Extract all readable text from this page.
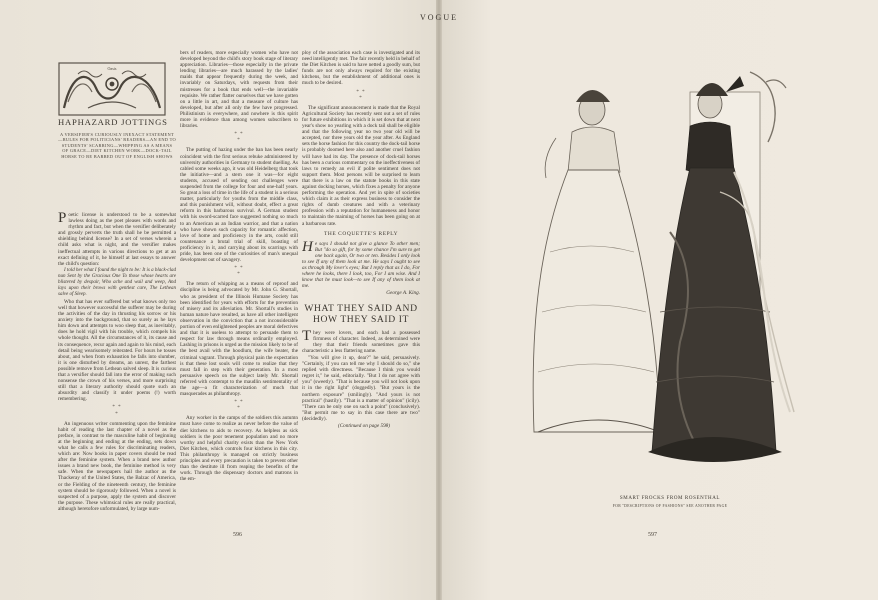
VOGUE
Oasis
HAPHAZARD JOTTINGS
A VERSIFIER'S CURIOUSLY INEXACT STATEMENT —RULES FOR POLITICIANS' READERS—AN END TO STUDENTS' SCARRING—WHIPPING AS A MEANS OF GRACE—DIET KITCHEN WORK—DOCK-TAIL HORSE TO BE BARRED OUT OF ENGLISH SHOWS

Poetic license is understood to be a somewhat lawless doing as the poet pleases with words and rhythm and fact, but when the versifier deliberately and grossly perverts the truth shall he be permitted a shielding behind license? In a set of verses wherein a child asks what is night, and the versifier makes ineffectual attempts in various directions to get at an exact defining of it, he himself at last essays to answer the child's question:

I told her what I found the night to be: It is a black-clad nun Sent by the Gracious One To those whose hearts are blistered by despair, Who ache and wail and weep, And lays upon their brows with gentlest care, The Lethean salve of Sleep.

Who that has ever suffered but what knows only too well that however successful the sufferer may be during the activities of the day in thrusting his sorrow or his anxiety into the background, that so surely as he lays him down and attempts to woo sleep that, as inevitably, does he hold vigil with his trouble, which compels his whole thought. All the circumstances of it, its cause and its consequence, recur again and again to his mind, each detail being wearisomely reiterated. For hours he tosses about, and when from exhaustion he falls into slumber, it is one disturbed by dreams, an unrest, the farthest possible remove from Lethean salved sleep. It is curious that a versifier should fall into the error of making such nonsense the crown of his verses, and more surprising still that a literary authority should quote such an absurdity and classify it under poems (!) worth remembering.

* *
*

An ingenuous writer commenting upon the feminine habit of reading the last chapter of a novel as the preface, in contrast to the masculine habit of beginning at the beginning and ending at the ending, sets down what he calls a few rules for discriminating readers, which are: Now books in paper covers should be read after the feminine system. When a brand new author issues a brand new book, the feminine method is very safe. When the newspapers hail the author as the Thackeray of the United States, the Balzac of America, or the Fielding of the nineteenth century, the feminine system should be rigorously followed. When a novel is suspected of a purpose, apply the system and discover the purpose. These whimsical rules are really practical, although heretofore unformulated, by large num-

bers of readers, more especially women who have not developed beyond the child's story book stage of literary appreciation. Libraries—those especially in the private lending libraries—are much harassed by the ladies' maids that appear frequently during the week, and invariably on Saturdays, with requests from their mistresses for a book that ends well—the invariable requisite. We rather flatter ourselves that we have gotten on a little in art, and that a measure of culture has developed, but after all only the few have progressed. Philistinism is everywhere, and nowhere is this spirit more in evidence than among women subscribers to libraries.

* *
*

The putting of hazing under the ban has been nearly coincident with the first serious rebuke administered by university authorities in Germany to student duelling. As cabled some weeks ago, it was old Heidelberg that took the initiative—and a stern one it was—for eight students, accused of sending out challenges were suspended from the college for four and one-half years. So great a loss of time in the life of a student is a serious matter, particularly for youths from the middle class, and this punishment will, without doubt, effect a great reform in this barbarous survival. A German student with his sword-scarred face suggested nothing so much to an American as an Indian warrior, and that a nation who have shown such capacity for romantic affection, love of home and proficiency in the arts, could still countenance a brutal trial of skill, boasting of proficiency in it, and carrying about its scarrings with pride, has been one of the curiosities of man's unequal development out of savagery.

* *
*

The return of whipping as a means of reproof and discipline is being advocated by Mr. John G. Shortall, who as president of the Illinois Humane Society has been identified for years with efforts for the prevention of misery and its alleviation. Mr. Shortall's studies in human nature have resulted, as have all other intelligent observation in the conviction that a not inconsiderable portion of even enlightened peoples are moral defectives and that it is useless to attempt to persuade them to respect for law through means ordinarily employed. Lashing in prisons is urged as the mission likely to be of the best avail with the hoodlum, the wife beater, the criminal vagrant. Through physical pain the expectation is that these lost souls will come to realize that they must fall in step with their generation. In a most persuasive speech on the subject lately Mr. Shortall referred with contempt to the maudlin sentimentality of the age—a fit characterization of much that masquerades as philanthropy.

* *
*

Any worker in the camps of the soldiers this autumn must have come to realize as never before the value of diet kitchens to aids to recovery. As helpless as sick soldiers is the poor tenement population and no more worthy and helpful charity exists than the New York Diet Kitchen, which controls four kitchens in this city. This philanthropy is managed on strictly business principles and every precaution is taken to prevent other than the destitute ill from reaping the benefits of the work. Through the dispensary doctors and matrons in the em-

ploy of the association each case is investigated and its need intelligently met. The fair recently held in behalf of the Diet Kitchen is said to have netted a goodly sum, but funds are not only always required for the existing kitchens, but the establishment of additional ones is much to be desired.

* *
*

The significant announcement is made that the Royal Agricultural Society has recently sent out a set of rules for future exhibitions in which it is set down that at next year's show no yearling with a dock tail shall be eligible and that the following year no two year old will be accepted, nor three years old the year after. As England sets the horse fashion for this country the dock-tail horse is probably doomed here also and another cruel fashion will have had its day. The presence of dock-tail horses has been a curious commentary on the ineffectiveness of laws to remedy an evil if polite sentiment does not support them. Most persons will be surprised to learn that there is a law on the statute books in this state against docking horses, which fixes a penalty for anyone performing the operation. And yet in spite of societies which claim it as their express business to consider the rights of dumb creatures and with a veterinary profession with a reputation for humaneness and honor to maintain the maiming of horses has been going on at a barbarous rate.

THE COQUETTE'S REPLY

He says I should not give a glance To other men; But "do so gift, for by some chance I'm sure to get one back again, Or two or ten. Besides I only look to see If any of them look at me. He says I ought to see as through My lover's eyes; But I reply that as I do, For where he looks, there I look, too, For I am wise. And I know that he must look—to see If any of them look at me.

George A. King.

WHAT THEY SAID AND HOW THEY SAID IT

They were lovers, and each had a possessed firmness of character. Indeed, as determined were they that their friends sometimes gave this characteristic a less flattering name.

"You will give it up, dear?" he said, persuasively. "Certainly, if you can tell me why I should do so," she replied with directness. "Because I think you would regret it," he said, editorially. "But I do not agree with you" (sweetly). "That is because you will not look upon it in the right light" (doggedly). "But yours is the northern exposure" (smilingly). "And yours is not practical" (hastily). "That is a matter of opinion" (icily). "There can be only one on such a point" (conclusively). "But permit me to say in this case there are two" (decidedly).

(Continued on page 598)

SMART FROCKS FROM ROSENTHAL
FOR "DESCRIPTIONS OF FASHIONS" SEE ANOTHER PAGE
596	597
